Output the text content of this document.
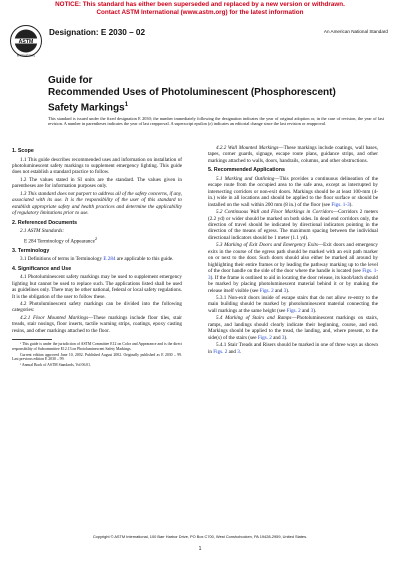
NOTICE: This standard has either been superseded and replaced by a new version or withdrawn.
Contact ASTM International (www.astm.org) for the latest information
ASTM
INTERNATIONAL
Designation: E 2030 – 02	An American National Standard
Guide for
Recommended Uses of Photoluminescent (Phosphorescent)
Safety Markings$^1$
This standard is issued under the fixed designation E 2030; the number immediately following the designation indicates the year of original adoption or, in the case of revision, the year of last revision. A number in parentheses indicates the year of last reapproval. A superscript epsilon (ε) indicates an editorial change since the last revision or reapproval.
1. Scope

1.1 This guide describes recommended uses and information on installation of photoluminescent safety markings to supplement emergency lighting. This guide does not establish a standard practice to follow.

1.2 The values stated in SI units are the standard. The values given in parentheses are for information purposes only.

1.3 This standard does not purport to address all of the safety concerns, if any, associated with its use. It is the responsibility of the user of this standard to establish appropriate safety and health practices and determine the applicability of regulatory limitations prior to use.

2. Referenced Documents

2.1 ASTM Standards:

E 284 Terminology of Appearance$^2$

3. Terminology

3.1 Definitions of terms in Terminology E 284 are applicable to this guide.

4. Significance and Use

4.1 Photoluminescent safety markings may be used to supplement emergency lighting but cannot be used to replace such. The applications listed shall be used as guidelines only. There may be other national, federal or local safety regulations. It is the obligation of the user to follow these.

4.2 Photoluminescent safety markings can be divided into the following categories:

4.2.1 Floor Mounted Markings—These markings include floor tiles, stair treads, stair nosings, floor inserts, tactile warning strips, coatings, epoxy casting resins, and other markings attached to the floor.

¹ This guide is under the jurisdiction of ASTM Committee E12 on Color and Appearance and is the direct responsibility of Subcommittee E12.13 on Photoluminescent Safety Markings.

Current edition approved June 10, 2002. Published August 2002. Originally published as E 2030 – 99. Last previous edition E 2030 – 99.

² Annual Book of ASTM Standards, Vol 06.01.

4.2.2 Wall Mounted Markings—These markings include coatings, wall bases, tapes, corner guards, signage, escape route plans, guidance strips, and other markings attached to walls, doors, handrails, columns, and other obstructions.

5. Recommended Applications

5.1 Marking and Outlining—This provides a continuous delineation of the escape route from the occupied area to the safe area, except as interrupted by intersecting corridors or non-exit doors. Markings should be at least 100-mm (4-in.) wide in all locations and should be applied to the floor surface or should be installed on the wall within 200 mm (8 in.) of the floor (see Figs. 1-3).

5.2 Continuous Wall and Floor Markings in Corridors—Corridors 2 meters (2.2 yd) or wider should be marked on both sides. In dead end corridors only, the direction of travel should be indicated by directional indicators pointing in the direction of the means of egress. The maximum spacing between the individual directional indicators should be 1 meter (1.1 yd).

5.3 Marking of Exit Doors and Emergency Exits—Exit doors and emergency exits in the course of the egress path should be marked with an exit path marker on or next to the door. Such doors should also either be marked all around by highlighting their entire frames or by leading the pathway marking up to the level of the door handle on the side of the door where the handle is located (see Figs. 1-3). If the frame is outlined to aid in locating the door release, its knob/latch should be marked by placing photoluminescent material behind it or by making the release itself visible (see Figs. 2 and 3).

5.3.1 Non-exit doors inside of escape stairs that do not allow re-entry to the main building should be marked by photoluminescent material connecting the wall markings at the same height (see Figs. 2 and 3).

5.4 Marking of Stairs and Ramps—Photoluminescent markings on stairs, ramps, and landings should clearly indicate their beginning, course, and end. Markings should be applied to the tread, the landing, and, where present, to the side(s) of the stairs (see Figs. 2 and 3).

5.4.1 Stair Treads and Risers should be marked in one of three ways as shown in Figs. 2 and 3.

Copyright © ASTM International, 100 Barr Harbor Drive, PO Box C700, West Conshohocken, PA 19428-2959, United States.
1
